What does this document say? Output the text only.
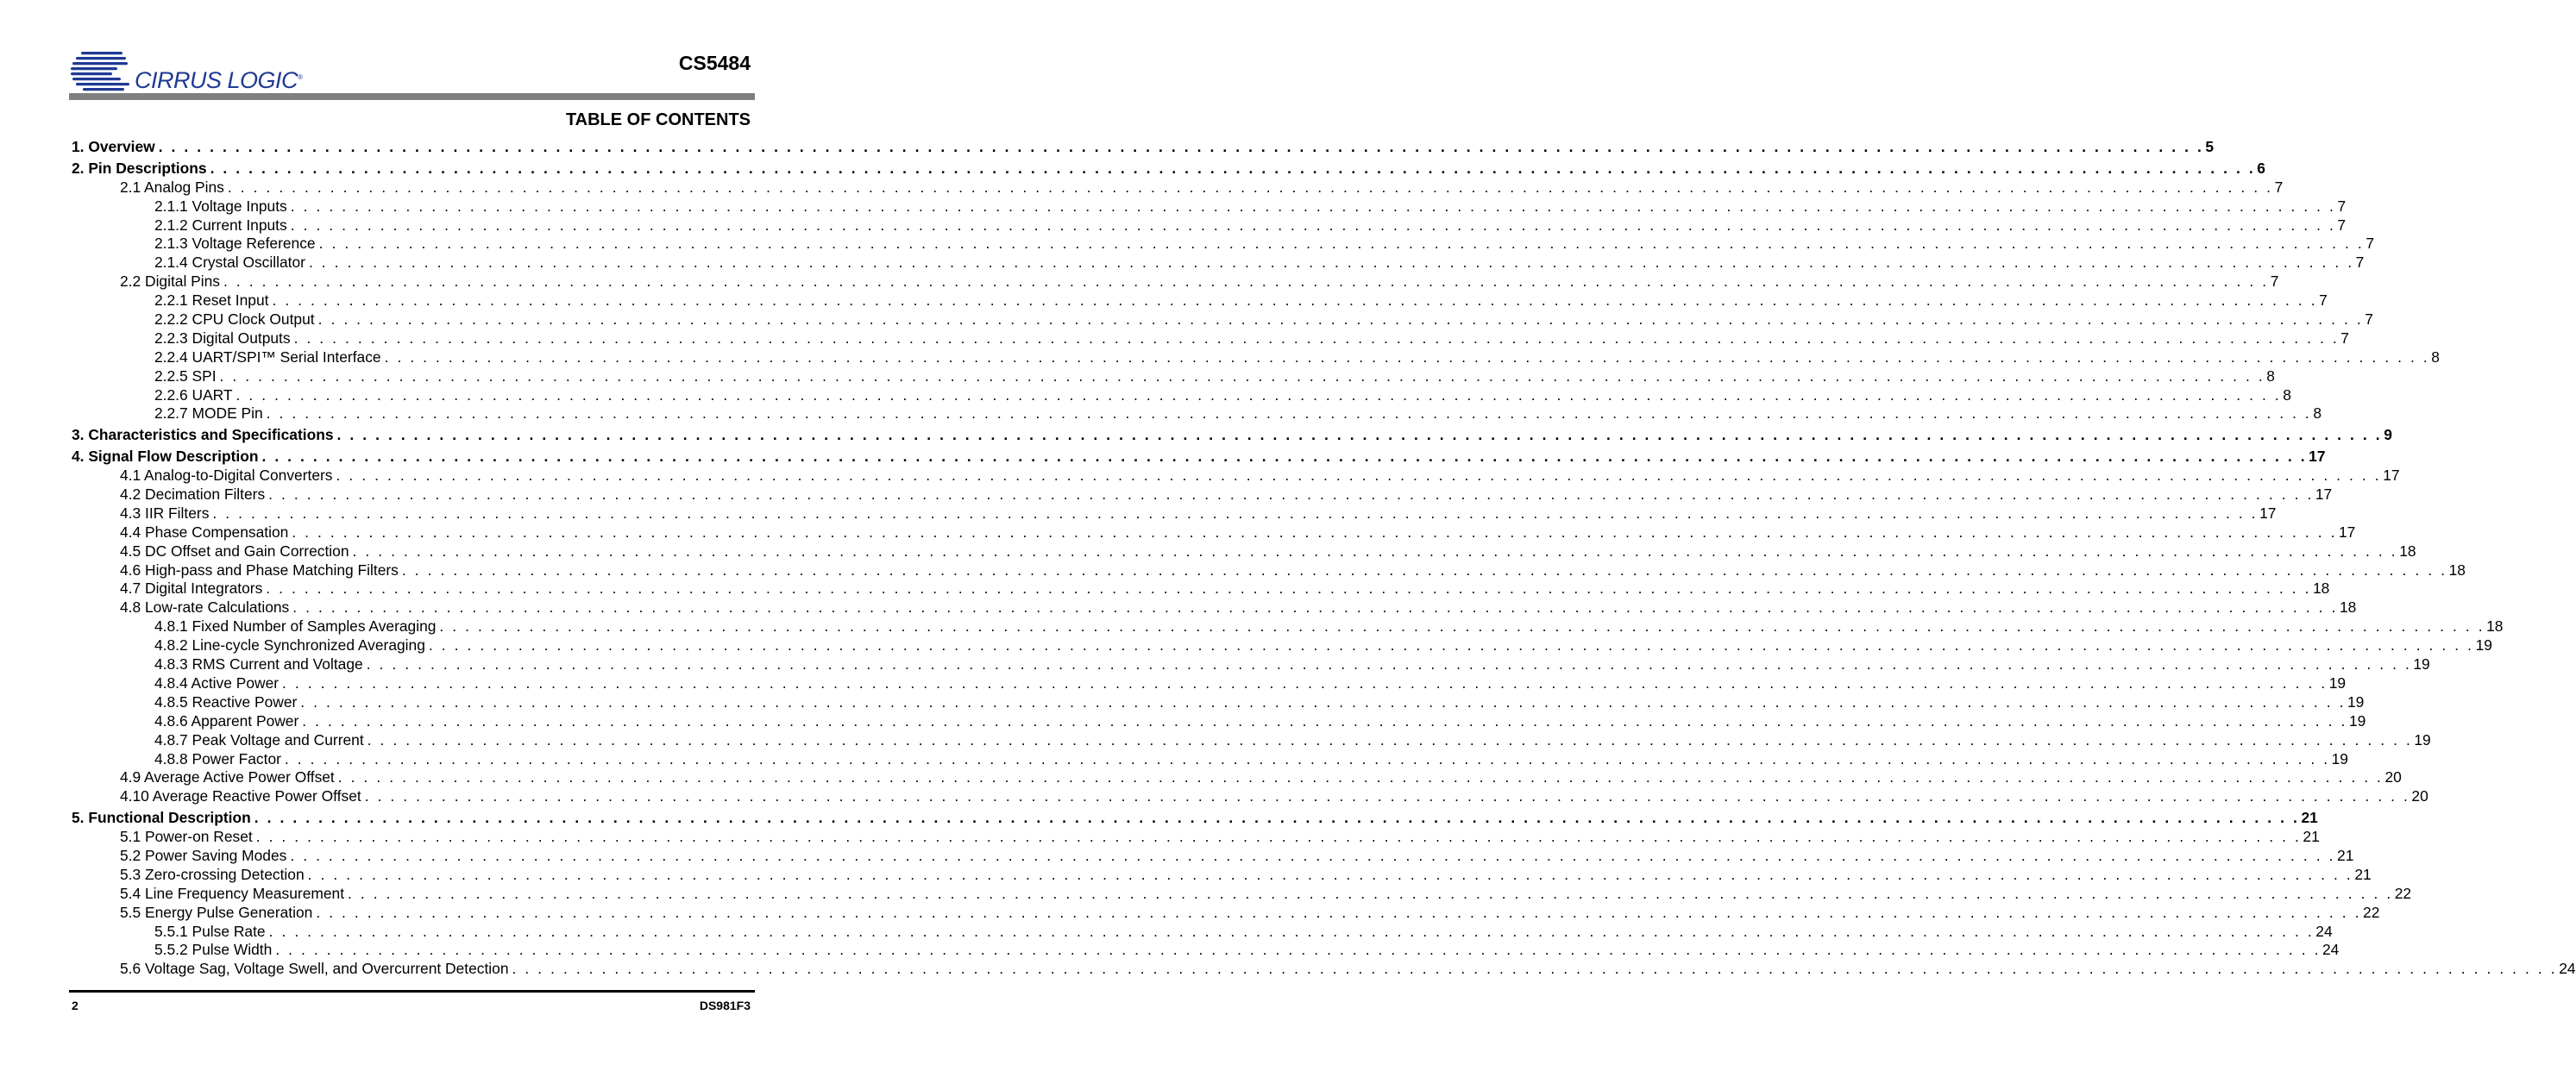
CIRRUS LOGIC®
CS5484
TABLE OF CONTENTS
1. Overview . . . . . . . . . . . . . . . . . . . . . . . . . . . . . . . . . . . . . . . . . . . . . . . . . . . . . . . . . . . . . . . . . . . . . . . . . . . . . . . . . . . . . . . . . . . . . . . . . . . . . . . . . . . . . . . . . . . . . . . . . . . . . . . . . . . . . . . . . . . . . . . . . . . . . . . . . . . . . . . . 5
2. Pin Descriptions . . . . . . . . . . . . . . . . . . . . . . . . . . . . . . . . . . . . . . . . . . . . . . . . . . . . . . . . . . . . . . . . . . . . . . . . . . . . . . . . . . . . . . . . . . . . . . . . . . . . . . . . . . . . . . . . . . . . . . . . . . . . . . . . . . . . . . . . . . . . . . . . . . . . . . . . . . . . . . . . 6
2.1 Analog Pins . . . . . . . . . . . . . . . . . . . . . . . . . . . . . . . . . . . . . . . . . . . . . . . . . . . . . . . . . . . . . . . . . . . . . . . . . . . . . . . . . . . . . . . . . . . . . . . . . . . . . . . . . . . . . . . . . . . . . . . . . . . . . . . . . . . . . . . . . . . . . . . . . . . . . . . . . . . . . . . . 7
2.1.1 Voltage Inputs . . . . . . . . . . . . . . . . . . . . . . . . . . . . . . . . . . . . . . . . . . . . . . . . . . . . . . . . . . . . . . . . . . . . . . . . . . . . . . . . . . . . . . . . . . . . . . . . . . . . . . . . . . . . . . . . . . . . . . . . . . . . . . . . . . . . . . . . . . . . . . . . . . . . . . . . . . . . . . . . 7
2.1.2 Current Inputs . . . . . . . . . . . . . . . . . . . . . . . . . . . . . . . . . . . . . . . . . . . . . . . . . . . . . . . . . . . . . . . . . . . . . . . . . . . . . . . . . . . . . . . . . . . . . . . . . . . . . . . . . . . . . . . . . . . . . . . . . . . . . . . . . . . . . . . . . . . . . . . . . . . . . . . . . . . . . . . . 7
2.1.3 Voltage Reference . . . . . . . . . . . . . . . . . . . . . . . . . . . . . . . . . . . . . . . . . . . . . . . . . . . . . . . . . . . . . . . . . . . . . . . . . . . . . . . . . . . . . . . . . . . . . . . . . . . . . . . . . . . . . . . . . . . . . . . . . . . . . . . . . . . . . . . . . . . . . . . . . . . . . . . . . . . . . . . . 7
2.1.4 Crystal Oscillator . . . . . . . . . . . . . . . . . . . . . . . . . . . . . . . . . . . . . . . . . . . . . . . . . . . . . . . . . . . . . . . . . . . . . . . . . . . . . . . . . . . . . . . . . . . . . . . . . . . . . . . . . . . . . . . . . . . . . . . . . . . . . . . . . . . . . . . . . . . . . . . . . . . . . . . . . . . . . . . . 7
2.2 Digital Pins . . . . . . . . . . . . . . . . . . . . . . . . . . . . . . . . . . . . . . . . . . . . . . . . . . . . . . . . . . . . . . . . . . . . . . . . . . . . . . . . . . . . . . . . . . . . . . . . . . . . . . . . . . . . . . . . . . . . . . . . . . . . . . . . . . . . . . . . . . . . . . . . . . . . . . . . . . . . . . . . 7
2.2.1 Reset Input . . . . . . . . . . . . . . . . . . . . . . . . . . . . . . . . . . . . . . . . . . . . . . . . . . . . . . . . . . . . . . . . . . . . . . . . . . . . . . . . . . . . . . . . . . . . . . . . . . . . . . . . . . . . . . . . . . . . . . . . . . . . . . . . . . . . . . . . . . . . . . . . . . . . . . . . . . . . . . . . 7
2.2.2 CPU Clock Output . . . . . . . . . . . . . . . . . . . . . . . . . . . . . . . . . . . . . . . . . . . . . . . . . . . . . . . . . . . . . . . . . . . . . . . . . . . . . . . . . . . . . . . . . . . . . . . . . . . . . . . . . . . . . . . . . . . . . . . . . . . . . . . . . . . . . . . . . . . . . . . . . . . . . . . . . . . . . . . . 7
2.2.3 Digital Outputs . . . . . . . . . . . . . . . . . . . . . . . . . . . . . . . . . . . . . . . . . . . . . . . . . . . . . . . . . . . . . . . . . . . . . . . . . . . . . . . . . . . . . . . . . . . . . . . . . . . . . . . . . . . . . . . . . . . . . . . . . . . . . . . . . . . . . . . . . . . . . . . . . . . . . . . . . . . . . . . . 7
2.2.4 UART/SPI™ Serial Interface . . . . . . . . . . . . . . . . . . . . . . . . . . . . . . . . . . . . . . . . . . . . . . . . . . . . . . . . . . . . . . . . . . . . . . . . . . . . . . . . . . . . . . . . . . . . . . . . . . . . . . . . . . . . . . . . . . . . . . . . . . . . . . . . . . . . . . . . . . . . . . . . . . . . . . . . . . . . . . . . 8
2.2.5 SPI . . . . . . . . . . . . . . . . . . . . . . . . . . . . . . . . . . . . . . . . . . . . . . . . . . . . . . . . . . . . . . . . . . . . . . . . . . . . . . . . . . . . . . . . . . . . . . . . . . . . . . . . . . . . . . . . . . . . . . . . . . . . . . . . . . . . . . . . . . . . . . . . . . . . . . . . . . . . . . . . 8
2.2.6 UART . . . . . . . . . . . . . . . . . . . . . . . . . . . . . . . . . . . . . . . . . . . . . . . . . . . . . . . . . . . . . . . . . . . . . . . . . . . . . . . . . . . . . . . . . . . . . . . . . . . . . . . . . . . . . . . . . . . . . . . . . . . . . . . . . . . . . . . . . . . . . . . . . . . . . . . . . . . . . . . . 8
2.2.7 MODE Pin . . . . . . . . . . . . . . . . . . . . . . . . . . . . . . . . . . . . . . . . . . . . . . . . . . . . . . . . . . . . . . . . . . . . . . . . . . . . . . . . . . . . . . . . . . . . . . . . . . . . . . . . . . . . . . . . . . . . . . . . . . . . . . . . . . . . . . . . . . . . . . . . . . . . . . . . . . . . . . . . 8
3. Characteristics and Specifications . . . . . . . . . . . . . . . . . . . . . . . . . . . . . . . . . . . . . . . . . . . . . . . . . . . . . . . . . . . . . . . . . . . . . . . . . . . . . . . . . . . . . . . . . . . . . . . . . . . . . . . . . . . . . . . . . . . . . . . . . . . . . . . . . . . . . . . . . . . . . . . . . . . . . . . . . . . . . . . . 9
4. Signal Flow Description . . . . . . . . . . . . . . . . . . . . . . . . . . . . . . . . . . . . . . . . . . . . . . . . . . . . . . . . . . . . . . . . . . . . . . . . . . . . . . . . . . . . . . . . . . . . . . . . . . . . . . . . . . . . . . . . . . . . . . . . . . . . . . . . . . . . . . . . . . . . . . . . . . . . . . . . . . . . . . . . 17
4.1 Analog-to-Digital Converters . . . . . . . . . . . . . . . . . . . . . . . . . . . . . . . . . . . . . . . . . . . . . . . . . . . . . . . . . . . . . . . . . . . . . . . . . . . . . . . . . . . . . . . . . . . . . . . . . . . . . . . . . . . . . . . . . . . . . . . . . . . . . . . . . . . . . . . . . . . . . . . . . . . . . . . . . . . . . . . . 17
4.2 Decimation Filters . . . . . . . . . . . . . . . . . . . . . . . . . . . . . . . . . . . . . . . . . . . . . . . . . . . . . . . . . . . . . . . . . . . . . . . . . . . . . . . . . . . . . . . . . . . . . . . . . . . . . . . . . . . . . . . . . . . . . . . . . . . . . . . . . . . . . . . . . . . . . . . . . . . . . . . . . . . . . . . . 17
4.3 IIR Filters . . . . . . . . . . . . . . . . . . . . . . . . . . . . . . . . . . . . . . . . . . . . . . . . . . . . . . . . . . . . . . . . . . . . . . . . . . . . . . . . . . . . . . . . . . . . . . . . . . . . . . . . . . . . . . . . . . . . . . . . . . . . . . . . . . . . . . . . . . . . . . . . . . . . . . . . . . . . . . . . 17
4.4 Phase Compensation . . . . . . . . . . . . . . . . . . . . . . . . . . . . . . . . . . . . . . . . . . . . . . . . . . . . . . . . . . . . . . . . . . . . . . . . . . . . . . . . . . . . . . . . . . . . . . . . . . . . . . . . . . . . . . . . . . . . . . . . . . . . . . . . . . . . . . . . . . . . . . . . . . . . . . . . . . . . . . . . 17
4.5 DC Offset and Gain Correction . . . . . . . . . . . . . . . . . . . . . . . . . . . . . . . . . . . . . . . . . . . . . . . . . . . . . . . . . . . . . . . . . . . . . . . . . . . . . . . . . . . . . . . . . . . . . . . . . . . . . . . . . . . . . . . . . . . . . . . . . . . . . . . . . . . . . . . . . . . . . . . . . . . . . . . . . . . . . . . . 18
4.6 High-pass and Phase Matching Filters . . . . . . . . . . . . . . . . . . . . . . . . . . . . . . . . . . . . . . . . . . . . . . . . . . . . . . . . . . . . . . . . . . . . . . . . . . . . . . . . . . . . . . . . . . . . . . . . . . . . . . . . . . . . . . . . . . . . . . . . . . . . . . . . . . . . . . . . . . . . . . . . . . . . . . . . . . . . . . . . 18
4.7 Digital Integrators . . . . . . . . . . . . . . . . . . . . . . . . . . . . . . . . . . . . . . . . . . . . . . . . . . . . . . . . . . . . . . . . . . . . . . . . . . . . . . . . . . . . . . . . . . . . . . . . . . . . . . . . . . . . . . . . . . . . . . . . . . . . . . . . . . . . . . . . . . . . . . . . . . . . . . . . . . . . . . . . 18
4.8 Low-rate Calculations . . . . . . . . . . . . . . . . . . . . . . . . . . . . . . . . . . . . . . . . . . . . . . . . . . . . . . . . . . . . . . . . . . . . . . . . . . . . . . . . . . . . . . . . . . . . . . . . . . . . . . . . . . . . . . . . . . . . . . . . . . . . . . . . . . . . . . . . . . . . . . . . . . . . . . . . . . . . . . . . 18
4.8.1 Fixed Number of Samples Averaging . . . . . . . . . . . . . . . . . . . . . . . . . . . . . . . . . . . . . . . . . . . . . . . . . . . . . . . . . . . . . . . . . . . . . . . . . . . . . . . . . . . . . . . . . . . . . . . . . . . . . . . . . . . . . . . . . . . . . . . . . . . . . . . . . . . . . . . . . . . . . . . . . . . . . . . . . . . . . . . . 18
4.8.2 Line-cycle Synchronized Averaging . . . . . . . . . . . . . . . . . . . . . . . . . . . . . . . . . . . . . . . . . . . . . . . . . . . . . . . . . . . . . . . . . . . . . . . . . . . . . . . . . . . . . . . . . . . . . . . . . . . . . . . . . . . . . . . . . . . . . . . . . . . . . . . . . . . . . . . . . . . . . . . . . . . . . . . . . . . . . . . . 19
4.8.3 RMS Current and Voltage . . . . . . . . . . . . . . . . . . . . . . . . . . . . . . . . . . . . . . . . . . . . . . . . . . . . . . . . . . . . . . . . . . . . . . . . . . . . . . . . . . . . . . . . . . . . . . . . . . . . . . . . . . . . . . . . . . . . . . . . . . . . . . . . . . . . . . . . . . . . . . . . . . . . . . . . . . . . . . . . 19
4.8.4 Active Power . . . . . . . . . . . . . . . . . . . . . . . . . . . . . . . . . . . . . . . . . . . . . . . . . . . . . . . . . . . . . . . . . . . . . . . . . . . . . . . . . . . . . . . . . . . . . . . . . . . . . . . . . . . . . . . . . . . . . . . . . . . . . . . . . . . . . . . . . . . . . . . . . . . . . . . . . . . . . . . . 19
4.8.5 Reactive Power . . . . . . . . . . . . . . . . . . . . . . . . . . . . . . . . . . . . . . . . . . . . . . . . . . . . . . . . . . . . . . . . . . . . . . . . . . . . . . . . . . . . . . . . . . . . . . . . . . . . . . . . . . . . . . . . . . . . . . . . . . . . . . . . . . . . . . . . . . . . . . . . . . . . . . . . . . . . . . . . 19
4.8.6 Apparent Power . . . . . . . . . . . . . . . . . . . . . . . . . . . . . . . . . . . . . . . . . . . . . . . . . . . . . . . . . . . . . . . . . . . . . . . . . . . . . . . . . . . . . . . . . . . . . . . . . . . . . . . . . . . . . . . . . . . . . . . . . . . . . . . . . . . . . . . . . . . . . . . . . . . . . . . . . . . . . . . . 19
4.8.7 Peak Voltage and Current . . . . . . . . . . . . . . . . . . . . . . . . . . . . . . . . . . . . . . . . . . . . . . . . . . . . . . . . . . . . . . . . . . . . . . . . . . . . . . . . . . . . . . . . . . . . . . . . . . . . . . . . . . . . . . . . . . . . . . . . . . . . . . . . . . . . . . . . . . . . . . . . . . . . . . . . . . . . . . . . 19
4.8.8 Power Factor . . . . . . . . . . . . . . . . . . . . . . . . . . . . . . . . . . . . . . . . . . . . . . . . . . . . . . . . . . . . . . . . . . . . . . . . . . . . . . . . . . . . . . . . . . . . . . . . . . . . . . . . . . . . . . . . . . . . . . . . . . . . . . . . . . . . . . . . . . . . . . . . . . . . . . . . . . . . . . . . 19
4.9 Average Active Power Offset . . . . . . . . . . . . . . . . . . . . . . . . . . . . . . . . . . . . . . . . . . . . . . . . . . . . . . . . . . . . . . . . . . . . . . . . . . . . . . . . . . . . . . . . . . . . . . . . . . . . . . . . . . . . . . . . . . . . . . . . . . . . . . . . . . . . . . . . . . . . . . . . . . . . . . . . . . . . . . . . 20
4.10 Average Reactive Power Offset . . . . . . . . . . . . . . . . . . . . . . . . . . . . . . . . . . . . . . . . . . . . . . . . . . . . . . . . . . . . . . . . . . . . . . . . . . . . . . . . . . . . . . . . . . . . . . . . . . . . . . . . . . . . . . . . . . . . . . . . . . . . . . . . . . . . . . . . . . . . . . . . . . . . . . . . . . . . . . . . 20
5. Functional Description . . . . . . . . . . . . . . . . . . . . . . . . . . . . . . . . . . . . . . . . . . . . . . . . . . . . . . . . . . . . . . . . . . . . . . . . . . . . . . . . . . . . . . . . . . . . . . . . . . . . . . . . . . . . . . . . . . . . . . . . . . . . . . . . . . . . . . . . . . . . . . . . . . . . . . . . . . . . . . . . 21
5.1 Power-on Reset . . . . . . . . . . . . . . . . . . . . . . . . . . . . . . . . . . . . . . . . . . . . . . . . . . . . . . . . . . . . . . . . . . . . . . . . . . . . . . . . . . . . . . . . . . . . . . . . . . . . . . . . . . . . . . . . . . . . . . . . . . . . . . . . . . . . . . . . . . . . . . . . . . . . . . . . . . . . . . . . 21
5.2 Power Saving Modes . . . . . . . . . . . . . . . . . . . . . . . . . . . . . . . . . . . . . . . . . . . . . . . . . . . . . . . . . . . . . . . . . . . . . . . . . . . . . . . . . . . . . . . . . . . . . . . . . . . . . . . . . . . . . . . . . . . . . . . . . . . . . . . . . . . . . . . . . . . . . . . . . . . . . . . . . . . . . . . . 21
5.3 Zero-crossing Detection . . . . . . . . . . . . . . . . . . . . . . . . . . . . . . . . . . . . . . . . . . . . . . . . . . . . . . . . . . . . . . . . . . . . . . . . . . . . . . . . . . . . . . . . . . . . . . . . . . . . . . . . . . . . . . . . . . . . . . . . . . . . . . . . . . . . . . . . . . . . . . . . . . . . . . . . . . . . . . . . 21
5.4 Line Frequency Measurement . . . . . . . . . . . . . . . . . . . . . . . . . . . . . . . . . . . . . . . . . . . . . . . . . . . . . . . . . . . . . . . . . . . . . . . . . . . . . . . . . . . . . . . . . . . . . . . . . . . . . . . . . . . . . . . . . . . . . . . . . . . . . . . . . . . . . . . . . . . . . . . . . . . . . . . . . . . . . . . . 22
5.5 Energy Pulse Generation . . . . . . . . . . . . . . . . . . . . . . . . . . . . . . . . . . . . . . . . . . . . . . . . . . . . . . . . . . . . . . . . . . . . . . . . . . . . . . . . . . . . . . . . . . . . . . . . . . . . . . . . . . . . . . . . . . . . . . . . . . . . . . . . . . . . . . . . . . . . . . . . . . . . . . . . . . . . . . . . 22
5.5.1 Pulse Rate . . . . . . . . . . . . . . . . . . . . . . . . . . . . . . . . . . . . . . . . . . . . . . . . . . . . . . . . . . . . . . . . . . . . . . . . . . . . . . . . . . . . . . . . . . . . . . . . . . . . . . . . . . . . . . . . . . . . . . . . . . . . . . . . . . . . . . . . . . . . . . . . . . . . . . . . . . . . . . . . 24
5.5.2 Pulse Width . . . . . . . . . . . . . . . . . . . . . . . . . . . . . . . . . . . . . . . . . . . . . . . . . . . . . . . . . . . . . . . . . . . . . . . . . . . . . . . . . . . . . . . . . . . . . . . . . . . . . . . . . . . . . . . . . . . . . . . . . . . . . . . . . . . . . . . . . . . . . . . . . . . . . . . . . . . . . . . . 24
5.6 Voltage Sag, Voltage Swell, and Overcurrent Detection . . . . . . . . . . . . . . . . . . . . . . . . . . . . . . . . . . . . . . . . . . . . . . . . . . . . . . . . . . . . . . . . . . . . . . . . . . . . . . . . . . . . . . . . . . . . . . . . . . . . . . . . . . . . . . . . . . . . . . . . . . . . . . . . . . . . . . . . . . . . . . . . . . . . . . . . . . . . . . . . 24
2	DS981F3
